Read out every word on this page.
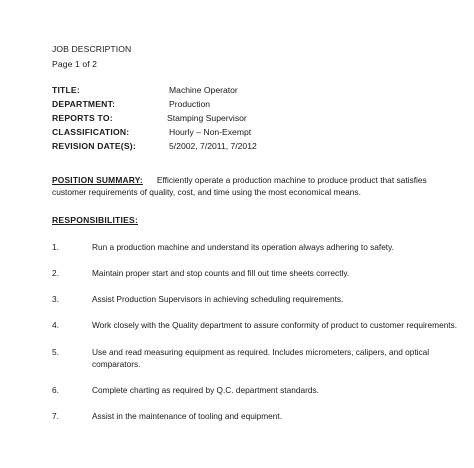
JOB DESCRIPTION
Page 1 of 2
TITLE:	Machine Operator
DEPARTMENT:	Production
REPORTS TO:	Stamping Supervisor
CLASSIFICATION:	Hourly – Non-Exempt
REVISION DATE(S):	5/2002, 7/2011, 7/2012
POSITION SUMMARY: Efficiently operate a production machine to produce product that satisfies customer requirements of quality, cost, and time using the most economical means.
RESPONSIBILITIES:
1.	Run a production machine and understand its operation always adhering to safety.
2.	Maintain proper start and stop counts and fill out time sheets correctly.
3.	Assist Production Supervisors in achieving scheduling requirements.
4.	Work closely with the Quality department to assure conformity of product to customer requirements.
5.	Use and read measuring equipment as required. Includes micrometers, calipers, and optical comparators.
6.	Complete charting as required by Q.C. department standards.
7.	Assist in the maintenance of tooling and equipment.
